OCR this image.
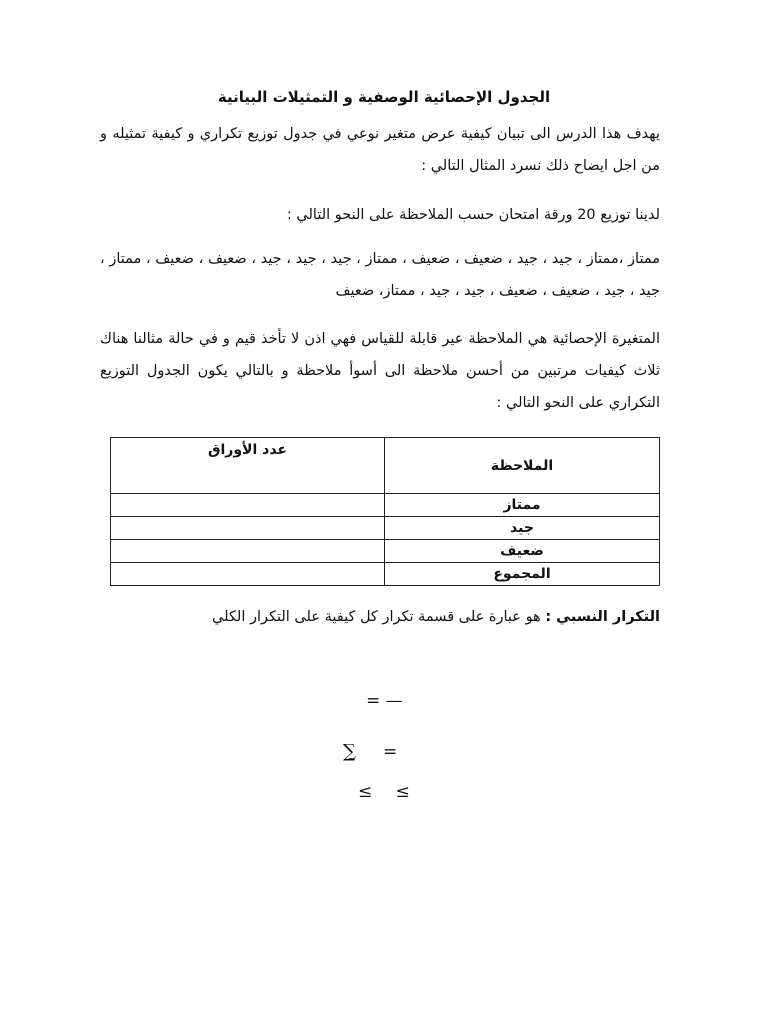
الجدول الإحصائية الوصفية و التمثيلات البيانية

يهدف هذا الدرس الى تبيان كيفية عرض متغير نوعي في جدول توزيع تكراري و كيفية تمثيله و من اجل ايضاح ذلك نسرد المثال التالي :

لدينا توزيع 20 ورقة امتحان حسب الملاحظة على النحو التالي :

ممتاز ،ممتاز ، جيد ، جيد ، ضعيف ، ضعيف ، ممتاز ، جيد ، جيد ، جيد ، ضعيف ، ضعيف ، ممتاز ، جيد ، جيد ، ضعيف ، ضعيف ، جيد ، جيد ، ممتاز، ضعيف

المتغيرة الإحصائية هي الملاحظة عير قابلة للقياس فهي اذن لا تأخذ قيم و في حالة مثالنا هناك ثلاث كيفيات مرتبين من أحسن ملاحظة الى أسوأ ملاحظة و بالتالي يكون الجدول التوزيع التكراري على النحو التالي :

الملاحظة	عدد الأوراق
ممتاز	
جيد	
ضعيف	
المجموع	

التكرار النسبي : هو عبارة على قسمة تكرار كل كيفية على التكرار الكلي

= —
∑̱ =
≤ ≤
